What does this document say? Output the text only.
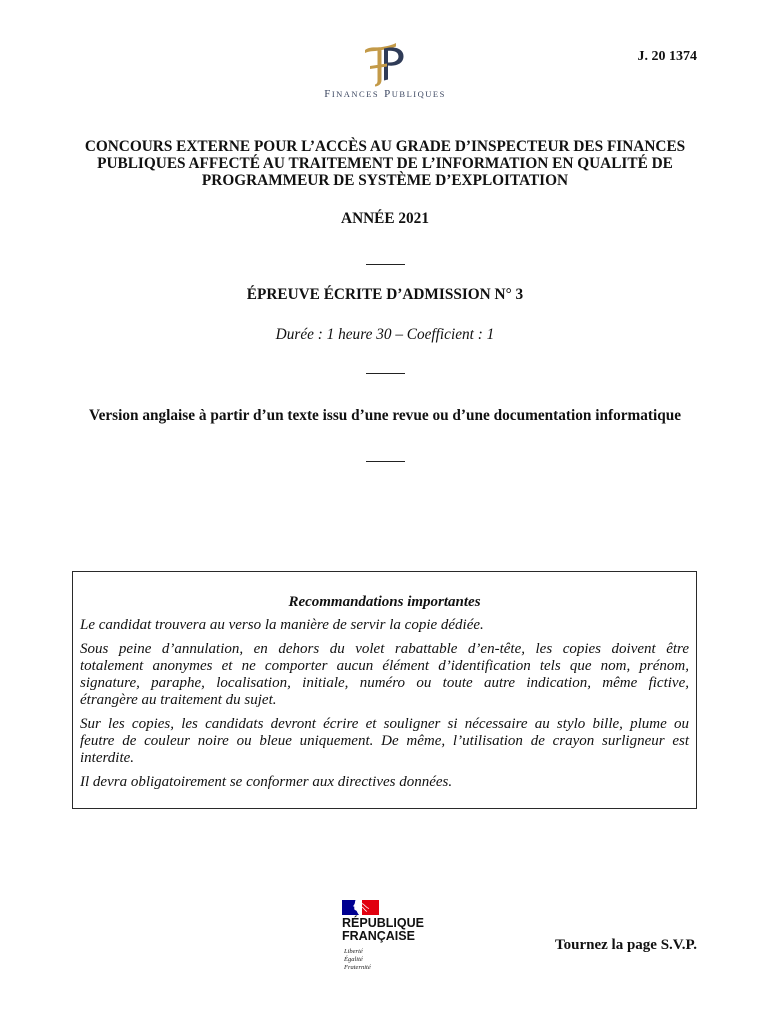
J. 20 1374
FINANCES PUBLIQUES
CONCOURS EXTERNE POUR L’ACCÈS AU GRADE D’INSPECTEUR DES FINANCES
PUBLIQUES AFFECTÉ AU TRAITEMENT DE L’INFORMATION EN QUALITÉ DE
PROGRAMMEUR DE SYSTÈME D’EXPLOITATION
ANNÉE 2021
ÉPREUVE ÉCRITE D’ADMISSION N° 3
Durée : 1 heure 30 – Coefficient : 1
Version anglaise à partir d’un texte issu d’une revue ou d’une documentation informatique
Recommandations importantes
Le candidat trouvera au verso la manière de servir la copie dédiée.
Sous peine d’annulation, en dehors du volet rabattable d’en-tête, les copies doivent être
totalement anonymes et ne comporter aucun élément d’identification tels que nom, prénom,
signature, paraphe, localisation, initiale, numéro ou toute autre indication, même fictive,
étrangère au traitement du sujet.
Sur les copies, les candidats devront écrire et souligner si nécessaire au stylo bille, plume ou
feutre de couleur noire ou bleue uniquement. De même, l’utilisation de crayon surligneur est
interdite.
Il devra obligatoirement se conformer aux directives données.
RÉPUBLIQUE
FRANÇAISE
Liberté
Égalité
Fraternité
Tournez la page S.V.P.
